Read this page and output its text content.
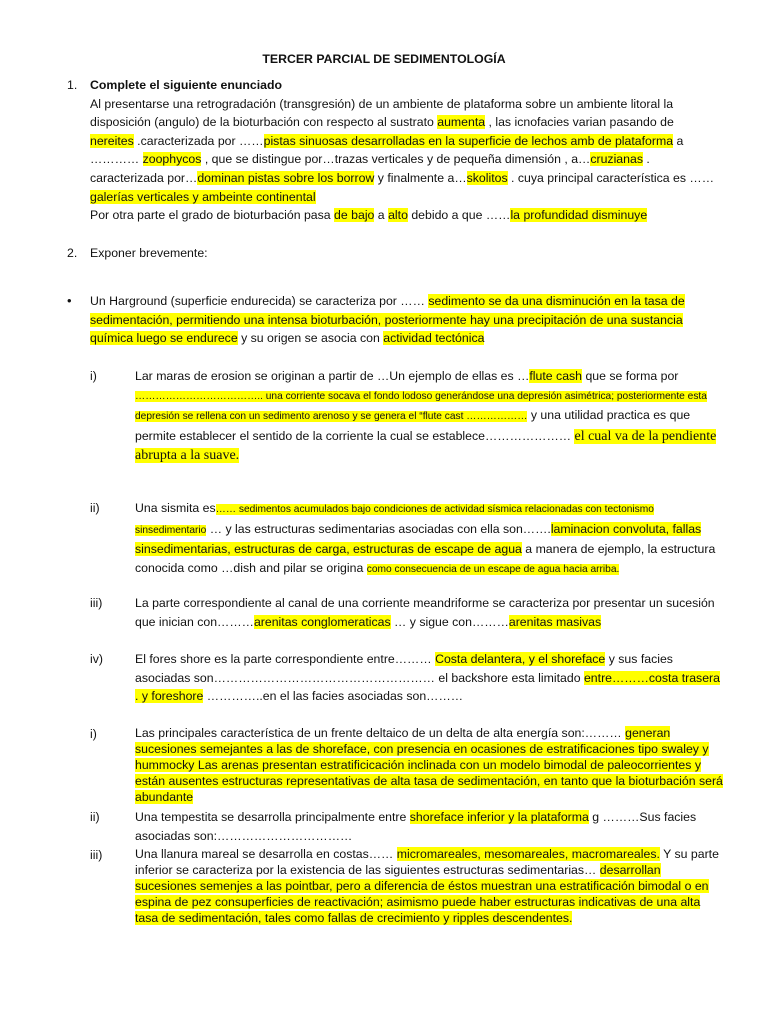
TERCER PARCIAL DE SEDIMENTOLOGÍA
1. Complete el siguiente enunciado
Al presentarse una retrogradación (transgresión) de un ambiente de plataforma sobre un ambiente litoral la disposición (angulo) de la bioturbación con respecto al sustrato aumenta , las icnofacies varian pasando de nereites .caracterizada por ……pistas sinuosas desarrolladas en la superficie de lechos amb de plataforma a ………… zoophycos , que se distingue por…trazas verticales y de pequeña dimensión , a…cruzianas . caracterizada por…dominan pistas sobre los borrow y finalmente a…skolitos . cuya principal característica es …… galerías verticales y ambeinte continental
Por otra parte el grado de bioturbación pasa de bajo a alto debido a que ……la profundidad disminuye
2. Exponer brevemente:
• Un Harground (superficie endurecida) se caracteriza por …… sedimento se da una disminución en la tasa de sedimentación, permitiendo una intensa bioturbación, posteriormente hay una precipitación de una sustancia química luego se endurece y su origen se asocia con actividad tectónica
i)	Lar maras de erosion se originan a partir de …Un ejemplo de ellas es …flute cash que se forma por ……………………………….. una corriente socava el fondo lodoso generándose una depresión asimétrica; posteriormente esta depresión se rellena con un sedimento arenoso y se genera el “flute cast ……………… y una utilidad practica es que permite establecer el sentido de la corriente la cual se establece………………… el cual va de la pendiente abrupta a la suave.
ii)	Una sismita es…… sedimentos acumulados bajo condiciones de actividad sísmica relacionadas con tectonismo sinsedimentario … y las estructuras sedimentarias asociadas con ella son…….laminacion convoluta, fallas sinsedimentarias, estructuras de carga, estructuras de escape de agua a manera de ejemplo, la estructura conocida como …dish and pilar se origina como consecuencia de un escape de agua hacia arriba.
iii)	La parte correspondiente al canal de una corriente meandriforme se caracteriza por presentar un sucesión que inician con………arenitas conglomeraticas … y sigue con………arenitas masivas
iv)	El fores shore es la parte correspondiente entre……… Costa delantera, y el shoreface y sus facies asociadas son……………………………………………… el backshore esta limitado entre………costa trasera . y foreshore …………..en el las facies asociadas son………
i)	Las principales característica de un frente deltaico de un delta de alta energía son:……… generan sucesiones semejantes a las de shoreface, con presencia en ocasiones de estratificaciones tipo swaley y hummocky Las arenas presentan estratificicación inclinada con un modelo bimodal de paleocorrientes y están ausentes estructuras representativas de alta tasa de sedimentación, en tanto que la bioturbación será abundante
ii)	Una tempestita se desarrolla principalmente entre shoreface inferior y la plataforma g ………Sus facies asociadas son:……………………………
iii)	Una llanura mareal se desarrolla en costas…… micromareales, mesomareales, macromareales. Y su parte inferior se caracteriza por la existencia de las siguientes estructuras sedimentarias… desarrollan sucesiones semenjes a las pointbar, pero a diferencia de éstos muestran una estratificación bimodal o en espina de pez consuperficies de reactivación; asimismo puede haber estructuras indicativas de una alta tasa de sedimentación, tales como fallas de crecimiento y ripples descendentes.
